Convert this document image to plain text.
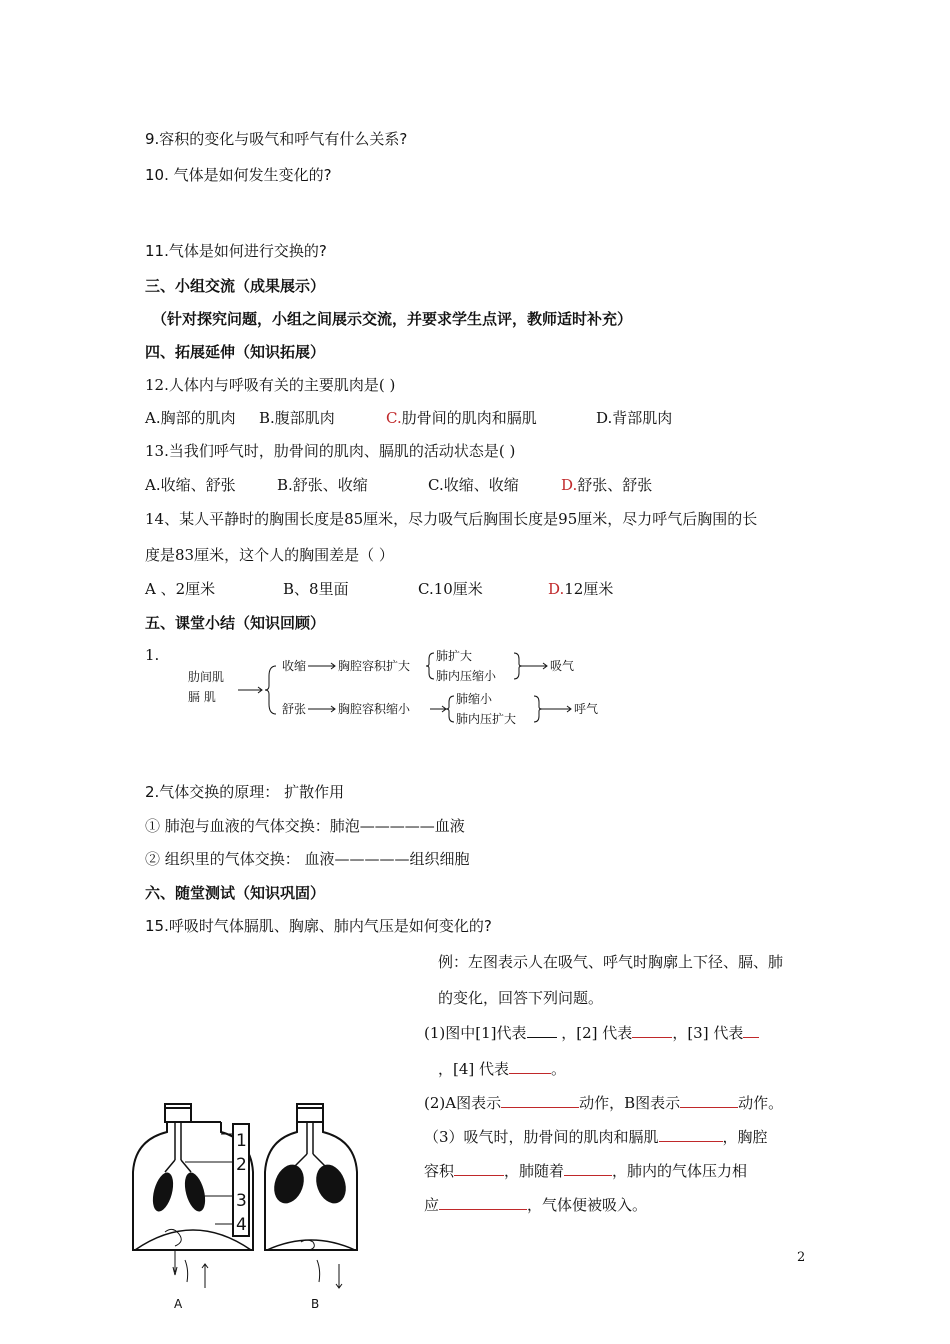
9.容积的变化与吸气和呼气有什么关系?
10. 气体是如何发生变化的?
11.气体是如何进行交换的?
三、小组交流（成果展示）
（针对探究问题，小组之间展示交流，并要求学生点评，教师适时补充）
四、拓展延伸（知识拓展）
12.人体内与呼吸有关的主要肌肉是( )
A.胸部的肌肉 B.腹部肌肉	C.肋骨间的肌肉和膈肌	D.背部肌肉
13.当我们呼气时，肋骨间的肌肉、膈肌的活动状态是( )
A.收缩、舒张	B.舒张、收缩	C.收缩、收缩	D.舒张、舒张
14、某人平静时的胸围长度是85厘米，尽力吸气后胸围长度是95厘米，尽力呼气后胸围的长
度是83厘米，这个人的胸围差是（ ）
A 、2厘米	B、8里面	C.10厘米	D.12厘米
五、课堂小结（知识回顾）
1.
肋间肌
膈 肌
收缩	胸腔容积扩大
肺扩大
肺内压缩小
吸气
舒张	胸腔容积缩小
肺缩小
肺内压扩大
呼气
2.气体交换的原理： 扩散作用
① 肺泡与血液的气体交换：肺泡—————血液
② 组织里的气体交换： 血液—————组织细胞
六、随堂测试（知识巩固）
15.呼吸时气体膈肌、胸廓、肺内气压是如何变化的?
例：左图表示人在吸气、呼气时胸廓上下径、膈、肺
的变化，回答下列问题。
(1)图中[1]代表 ，[2] 代表	，[3] 代表
，[4] 代表	。
(2)A图表示	动作，B图表示	动作。
（3）吸气时，肋骨间的肌肉和膈肌	，胸腔
容积	，肺随着	，肺内的气体压力相
应	，气体便被吸入。
1
2
3
4
A	B
2
